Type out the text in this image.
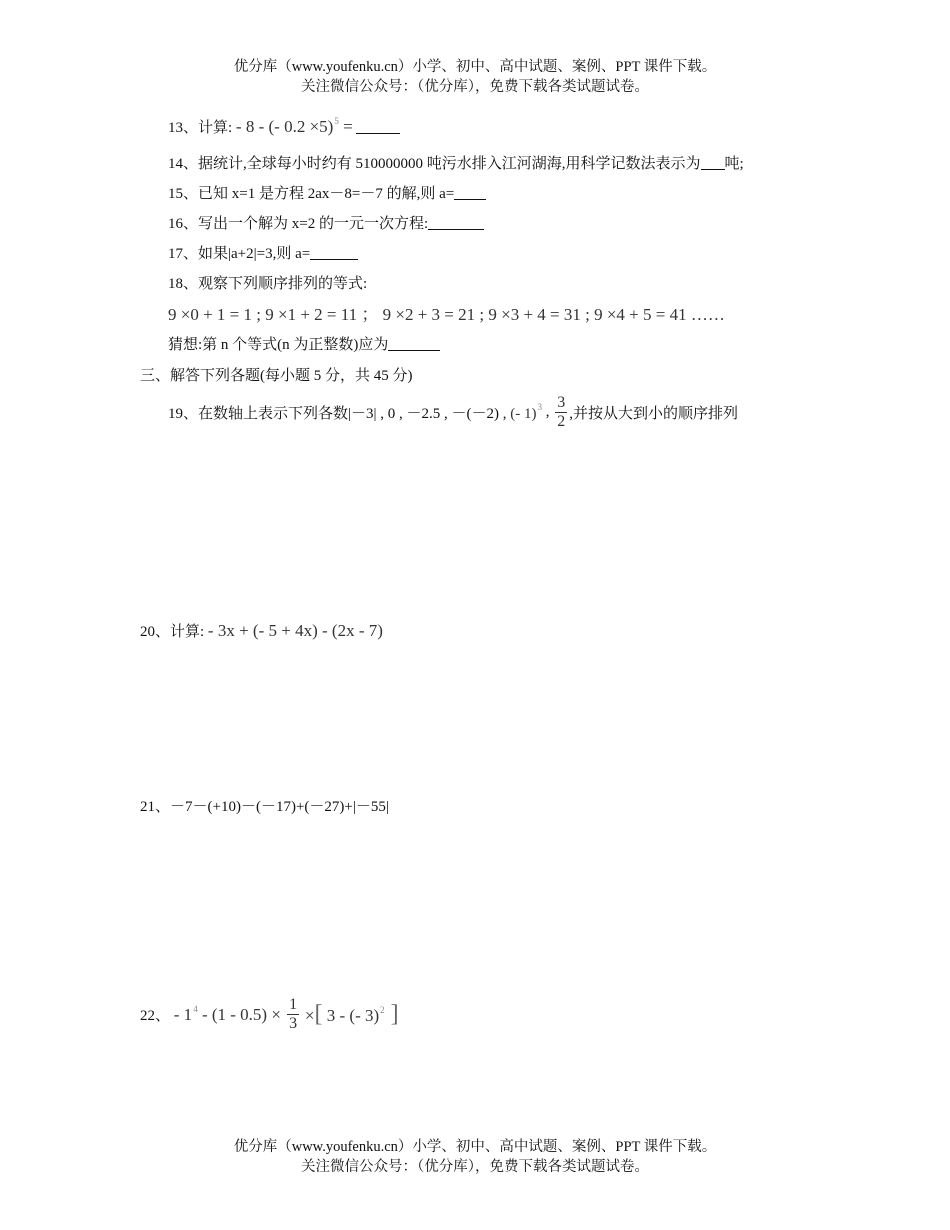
优分库（www.youfenku.cn）小学、初中、高中试题、案例、PPT 课件下载。
关注微信公众号：（优分库），免费下载各类试题试卷。
13、计算: - 8 - (- 0.2 ×5)$^5$ =
14、据统计,全球每小时约有 510000000 吨污水排入江河湖海,用科学记数法表示为 吨;
15、已知 x=1 是方程 2ax－8=－7 的解,则 a=
16、写出一个解为 x=2 的一元一次方程:
17、如果|a+2|=3,则 a=
18、观察下列顺序排列的等式:
9 ×0 + 1 = 1 ; 9 ×1 + 2 = 11 ； 9 ×2 + 3 = 21 ; 9 ×3 + 4 = 31 ; 9 ×4 + 5 = 41 ……
猜想:第 n 个等式(n 为正整数)应为
三、解答下列各题(每小题 5 分，共 45 分)
19、在数轴上表示下列各数|－3| , 0 , －2.5 , －(－2) , (- 1)$^3$ , $\frac{3}{2}$ ,并按从大到小的顺序排列
20、计算: - 3x + (- 5 + 4x) - (2x - 7)
21、－7－(+10)－(－17)+(－27)+|－55|
22、 - $1^4 - (1 - 0.5) \times \frac{1}{3}$ ×[ 3 - (- 3)$^2$ ]
优分库（www.youfenku.cn）小学、初中、高中试题、案例、PPT 课件下载。
关注微信公众号：（优分库），免费下载各类试题试卷。
